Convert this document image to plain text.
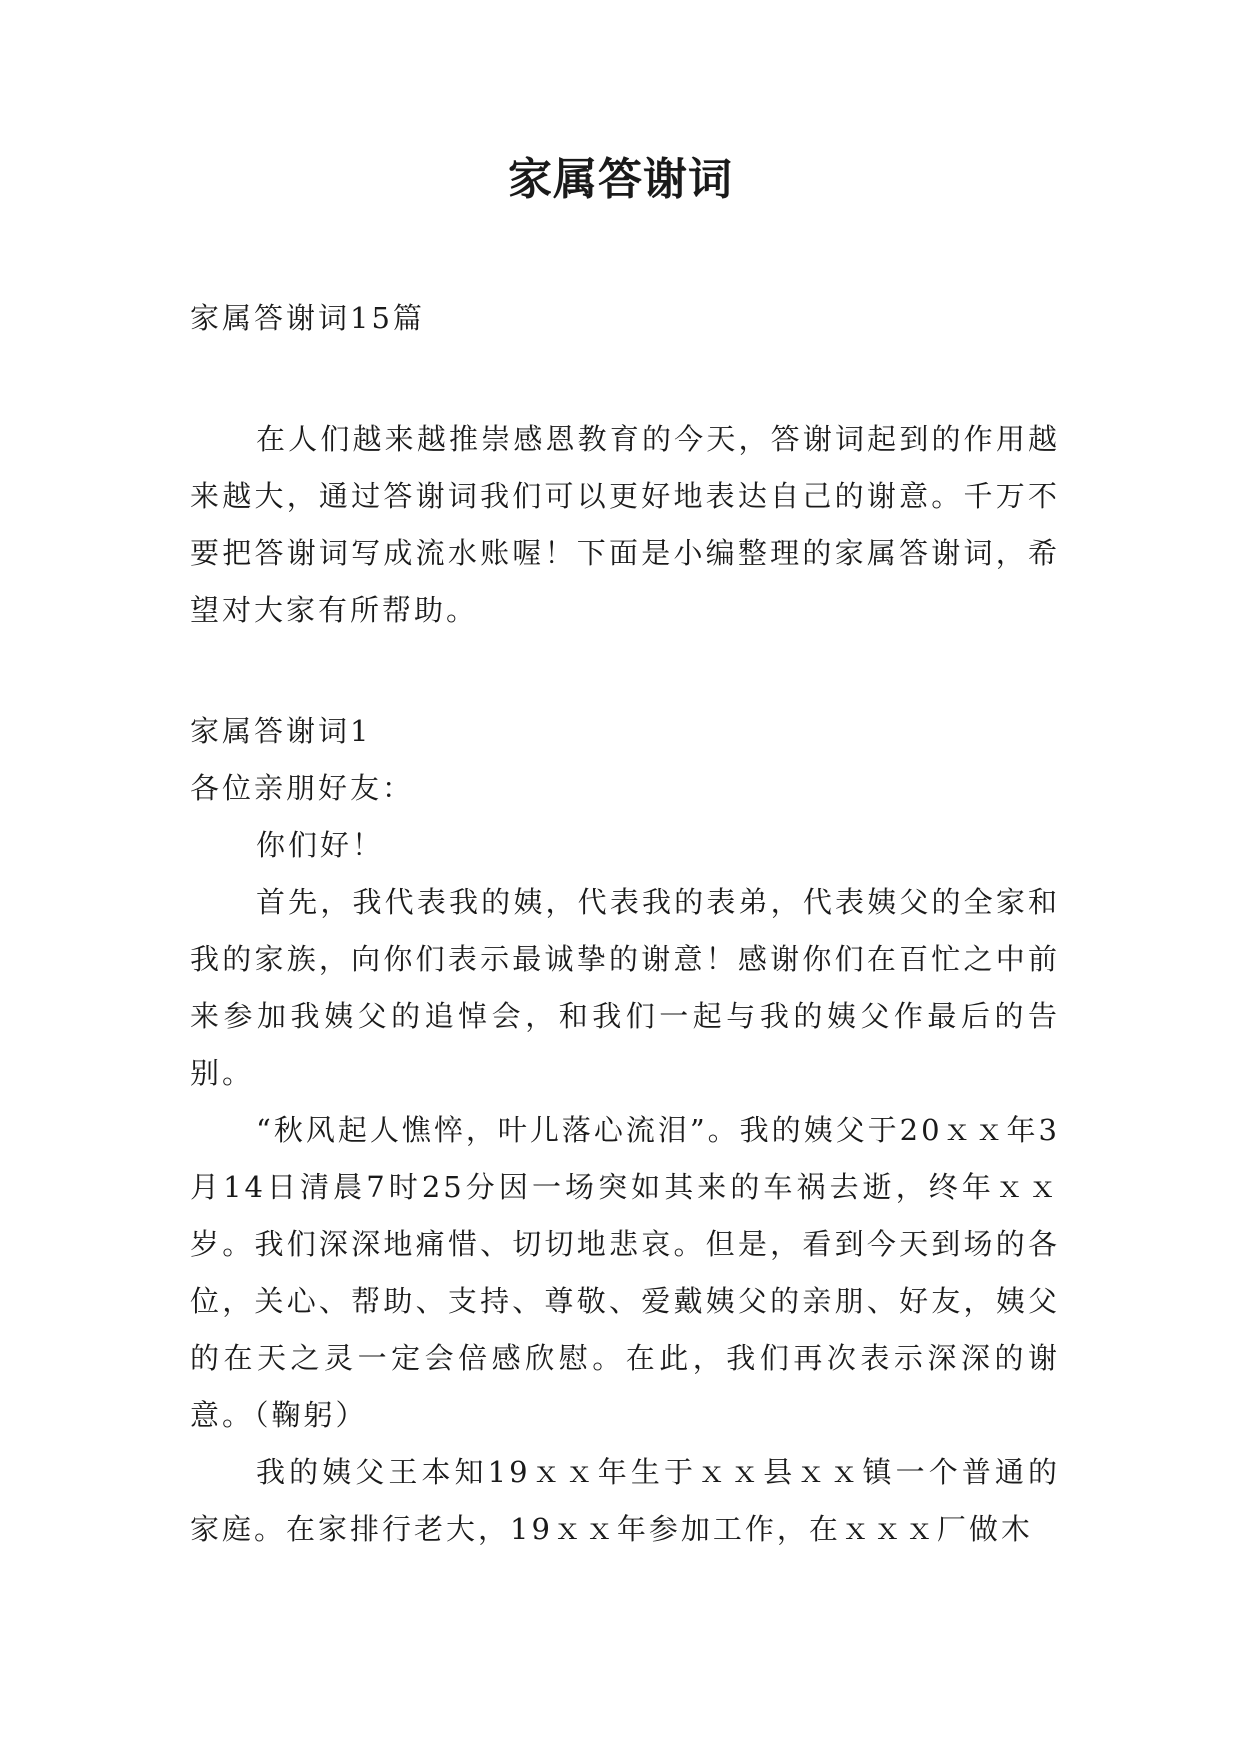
家属答谢词

家属答谢词15篇

在人们越来越推崇感恩教育的今天，答谢词起到的作用越来越大，通过答谢词我们可以更好地表达自己的谢意。千万不要把答谢词写成流水账喔！下面是小编整理的家属答谢词，希望对大家有所帮助。

家属答谢词1

各位亲朋好友：

你们好！

首先，我代表我的姨，代表我的表弟，代表姨父的全家和我的家族，向你们表示最诚挚的谢意！感谢你们在百忙之中前来参加我姨父的追悼会，和我们一起与我的姨父作最后的告别。

“秋风起人憔悴，叶儿落心流泪”。我的姨父于20ｘｘ年3月14日清晨7时25分因一场突如其来的车祸去逝，终年ｘｘ岁。我们深深地痛惜、切切地悲哀。但是，看到今天到场的各位，关心、帮助、支持、尊敬、爱戴姨父的亲朋、好友，姨父的在天之灵一定会倍感欣慰。在此，我们再次表示深深的谢意。（鞠躬）

我的姨父王本知19ｘｘ年生于ｘｘ县ｘｘ镇一个普通的家庭。在家排行老大，19ｘｘ年参加工作，在ｘｘｘ厂做木
